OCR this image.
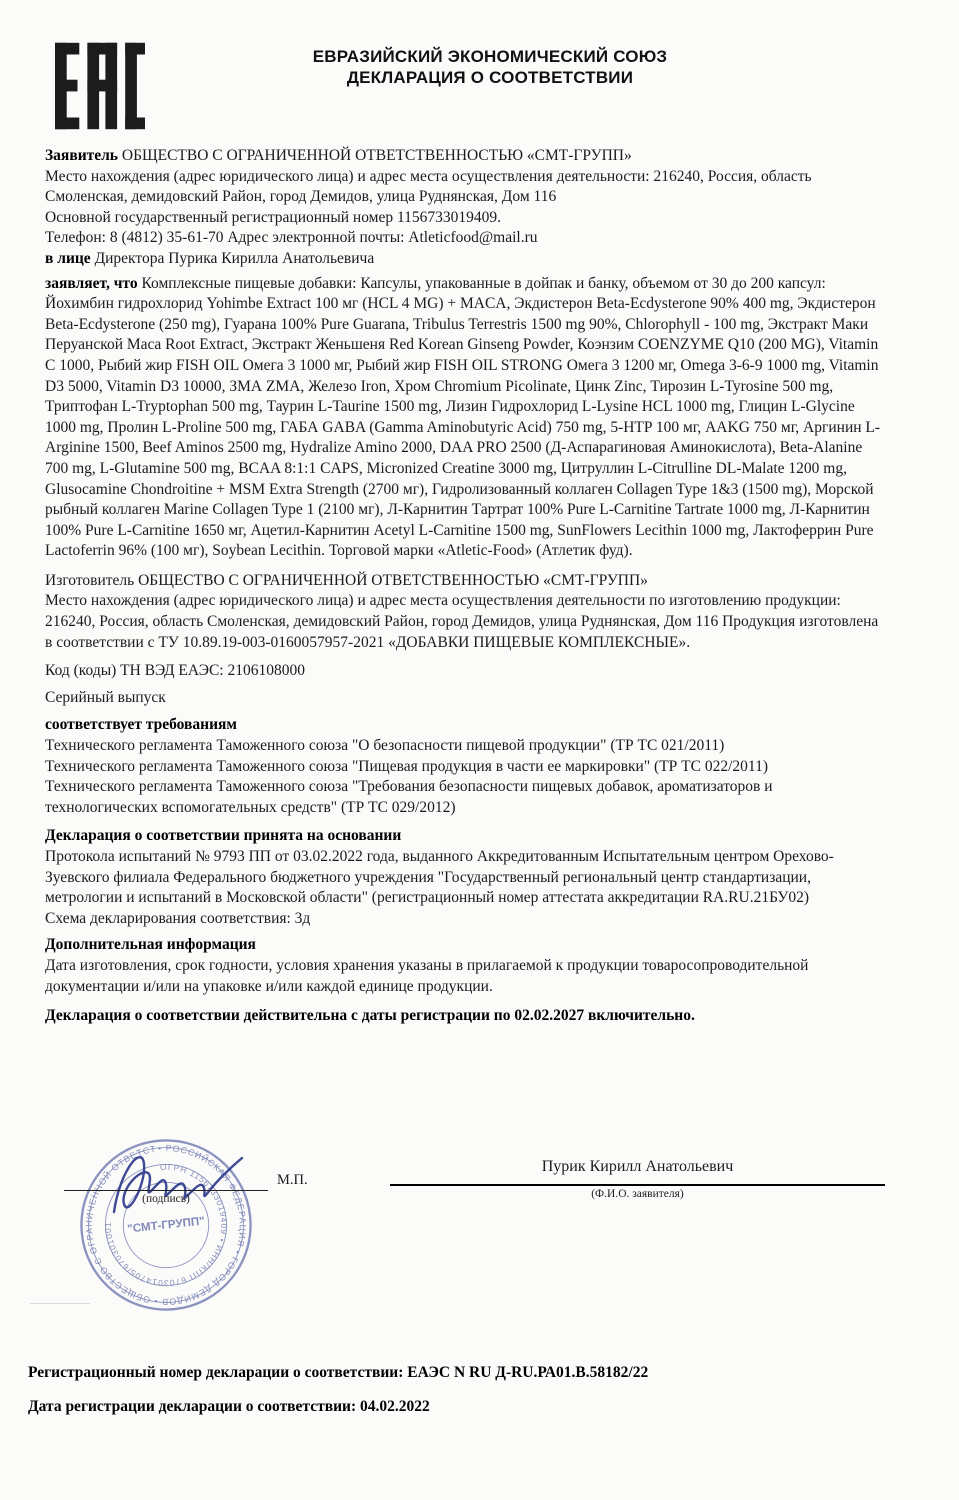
ЕВРАЗИЙСКИЙ ЭКОНОМИЧЕСКИЙ СОЮЗ
ДЕКЛАРАЦИЯ О СООТВЕТСТВИИ

Заявитель ОБЩЕСТВО С ОГРАНИЧЕННОЙ ОТВЕТСТВЕННОСТЬЮ «СМТ-ГРУПП»

Место нахождения (адрес юридического лица) и адрес места осуществления деятельности: 216240, Россия, область Смоленская, демидовский Район, город Демидов, улица Руднянская, Дом 116

Основной государственный регистрационный номер 1156733019409.

Телефон: 8 (4812) 35-61-70 Адрес электронной почты: Atleticfood@mail.ru

в лице Директора Пурика Кирилла Анатольевича

заявляет, что Комплексные пищевые добавки: Капсулы, упакованные в дойпак и банку, объемом от 30 до 200 капсул: Йохимбин гидрохлорид Yohimbe Extract 100 мг (HCL 4 MG) + MACA, Экдистерон Beta-Ecdysterone 90% 400 mg, Экдистерон Beta-Ecdysterone (250 mg), Гуарана 100% Pure Guarana, Tribulus Terrestris 1500 mg 90%, Chlorophyll - 100 mg, Экстракт Маки Перуанской Maca Root Extract, Экстракт Женьшеня Red Korean Ginseng Powder, Коэнзим COENZYME Q10 (200 MG), Vitamin C 1000, Рыбий жир FISH OIL Омега 3 1000 мг, Рыбий жир FISH OIL STRONG Омега 3 1200 мг, Omega 3-6-9 1000 mg, Vitamin D3 5000, Vitamin D3 10000, ЗМА ZMA, Железо Iron, Хром Chromium Picolinate, Цинк Zinc, Тирозин L-Tyrosine 500 mg, Триптофан L-Tryptophan 500 mg, Таурин L-Taurine 1500 mg, Лизин Гидрохлорид L-Lysine HCL 1000 mg, Глицин L-Glycine 1000 mg, Пролин L-Proline 500 mg, ГАБА GABA (Gamma Aminobutyric Acid) 750 mg, 5-HTP 100 мг, AAKG 750 мг, Аргинин L-Arginine 1500, Beef Aminos 2500 mg, Hydralize Amino 2000, DAA PRO 2500 (Д-Аспарагиновая Аминокислота), Beta-Alanine 700 mg, L-Glutamine 500 mg, BCAA 8:1:1 CAPS, Micronized Creatine 3000 mg, Цитруллин L-Citrulline DL-Malate 1200 mg, Glusocamine Chondroitine + MSM Extra Strength (2700 мг), Гидролизованный коллаген Collagen Type 1&3 (1500 mg), Морской рыбный коллаген Marine Collagen Type 1 (2100 мг), Л-Карнитин Тартрат 100% Pure L-Carnitine Tartrate 1000 mg, Л-Карнитин 100% Pure L-Carnitine 1650 мг, Ацетил-Карнитин Acetyl L-Carnitine 1500 mg, SunFlowers Lecithin 1000 mg, Лактоферрин Pure Lactoferrin 96% (100 мг), Soybean Lecithin. Торговой марки «Atletic-Food» (Атлетик фуд).

Изготовитель ОБЩЕСТВО С ОГРАНИЧЕННОЙ ОТВЕТСТВЕННОСТЬЮ «СМТ-ГРУПП»

Место нахождения (адрес юридического лица) и адрес места осуществления деятельности по изготовлению продукции: 216240, Россия, область Смоленская, демидовский Район, город Демидов, улица Руднянская, Дом 116 Продукция изготовлена в соответствии с ТУ 10.89.19-003-0160057957-2021 «ДОБАВКИ ПИЩЕВЫЕ КОМПЛЕКСНЫЕ».

Код (коды) ТН ВЭД ЕАЭС: 2106108000

Серийный выпуск

соответствует требованиям

Технического регламента Таможенного союза "О безопасности пищевой продукции" (ТР ТС 021/2011)

Технического регламента Таможенного союза "Пищевая продукция в части ее маркировки" (ТР ТС 022/2011)

Технического регламента Таможенного союза "Требования безопасности пищевых добавок, ароматизаторов и технологических вспомогательных средств" (ТР ТС 029/2012)

Декларация о соответствии принята на основании

Протокола испытаний № 9793 ПП от 03.02.2022 года, выданного Аккредитованным Испытательным центром Орехово-Зуевского филиала Федерального бюджетного учреждения "Государственный региональный центр стандартизации, метрологии и испытаний в Московской области" (регистрационный номер аттестата аккредитации RA.RU.21БУ02)

Схема декларирования соответствия: 3д

Дополнительная информация

Дата изготовления, срок годности, условия хранения указаны в прилагаемой к продукции товаросопроводительной документации и/или на упаковке и/или каждой единице продукции.

Декларация о соответствии действительна с даты регистрации по 02.02.2027 включительно.

• РОССИЙСКАЯ ФЕДЕРАЦИЯ • ГОРОД ДЕМИДОВ • ОБЩЕСТВО С ОГРАНИЧЕННОЙ ОТВЕТСТВЕННОСТЬЮ
ОГРН 1156733019409 • ИНН/КПП 6703014705/670301001	"СМТ-ГРУПП"
(подпись)
М.П.
Пурик Кирилл Анатольевич
(Ф.И.О. заявителя)
Регистрационный номер декларации о соответствии: ЕАЭС N RU Д-RU.РА01.В.58182/22
Дата регистрации декларации о соответствии: 04.02.2022
